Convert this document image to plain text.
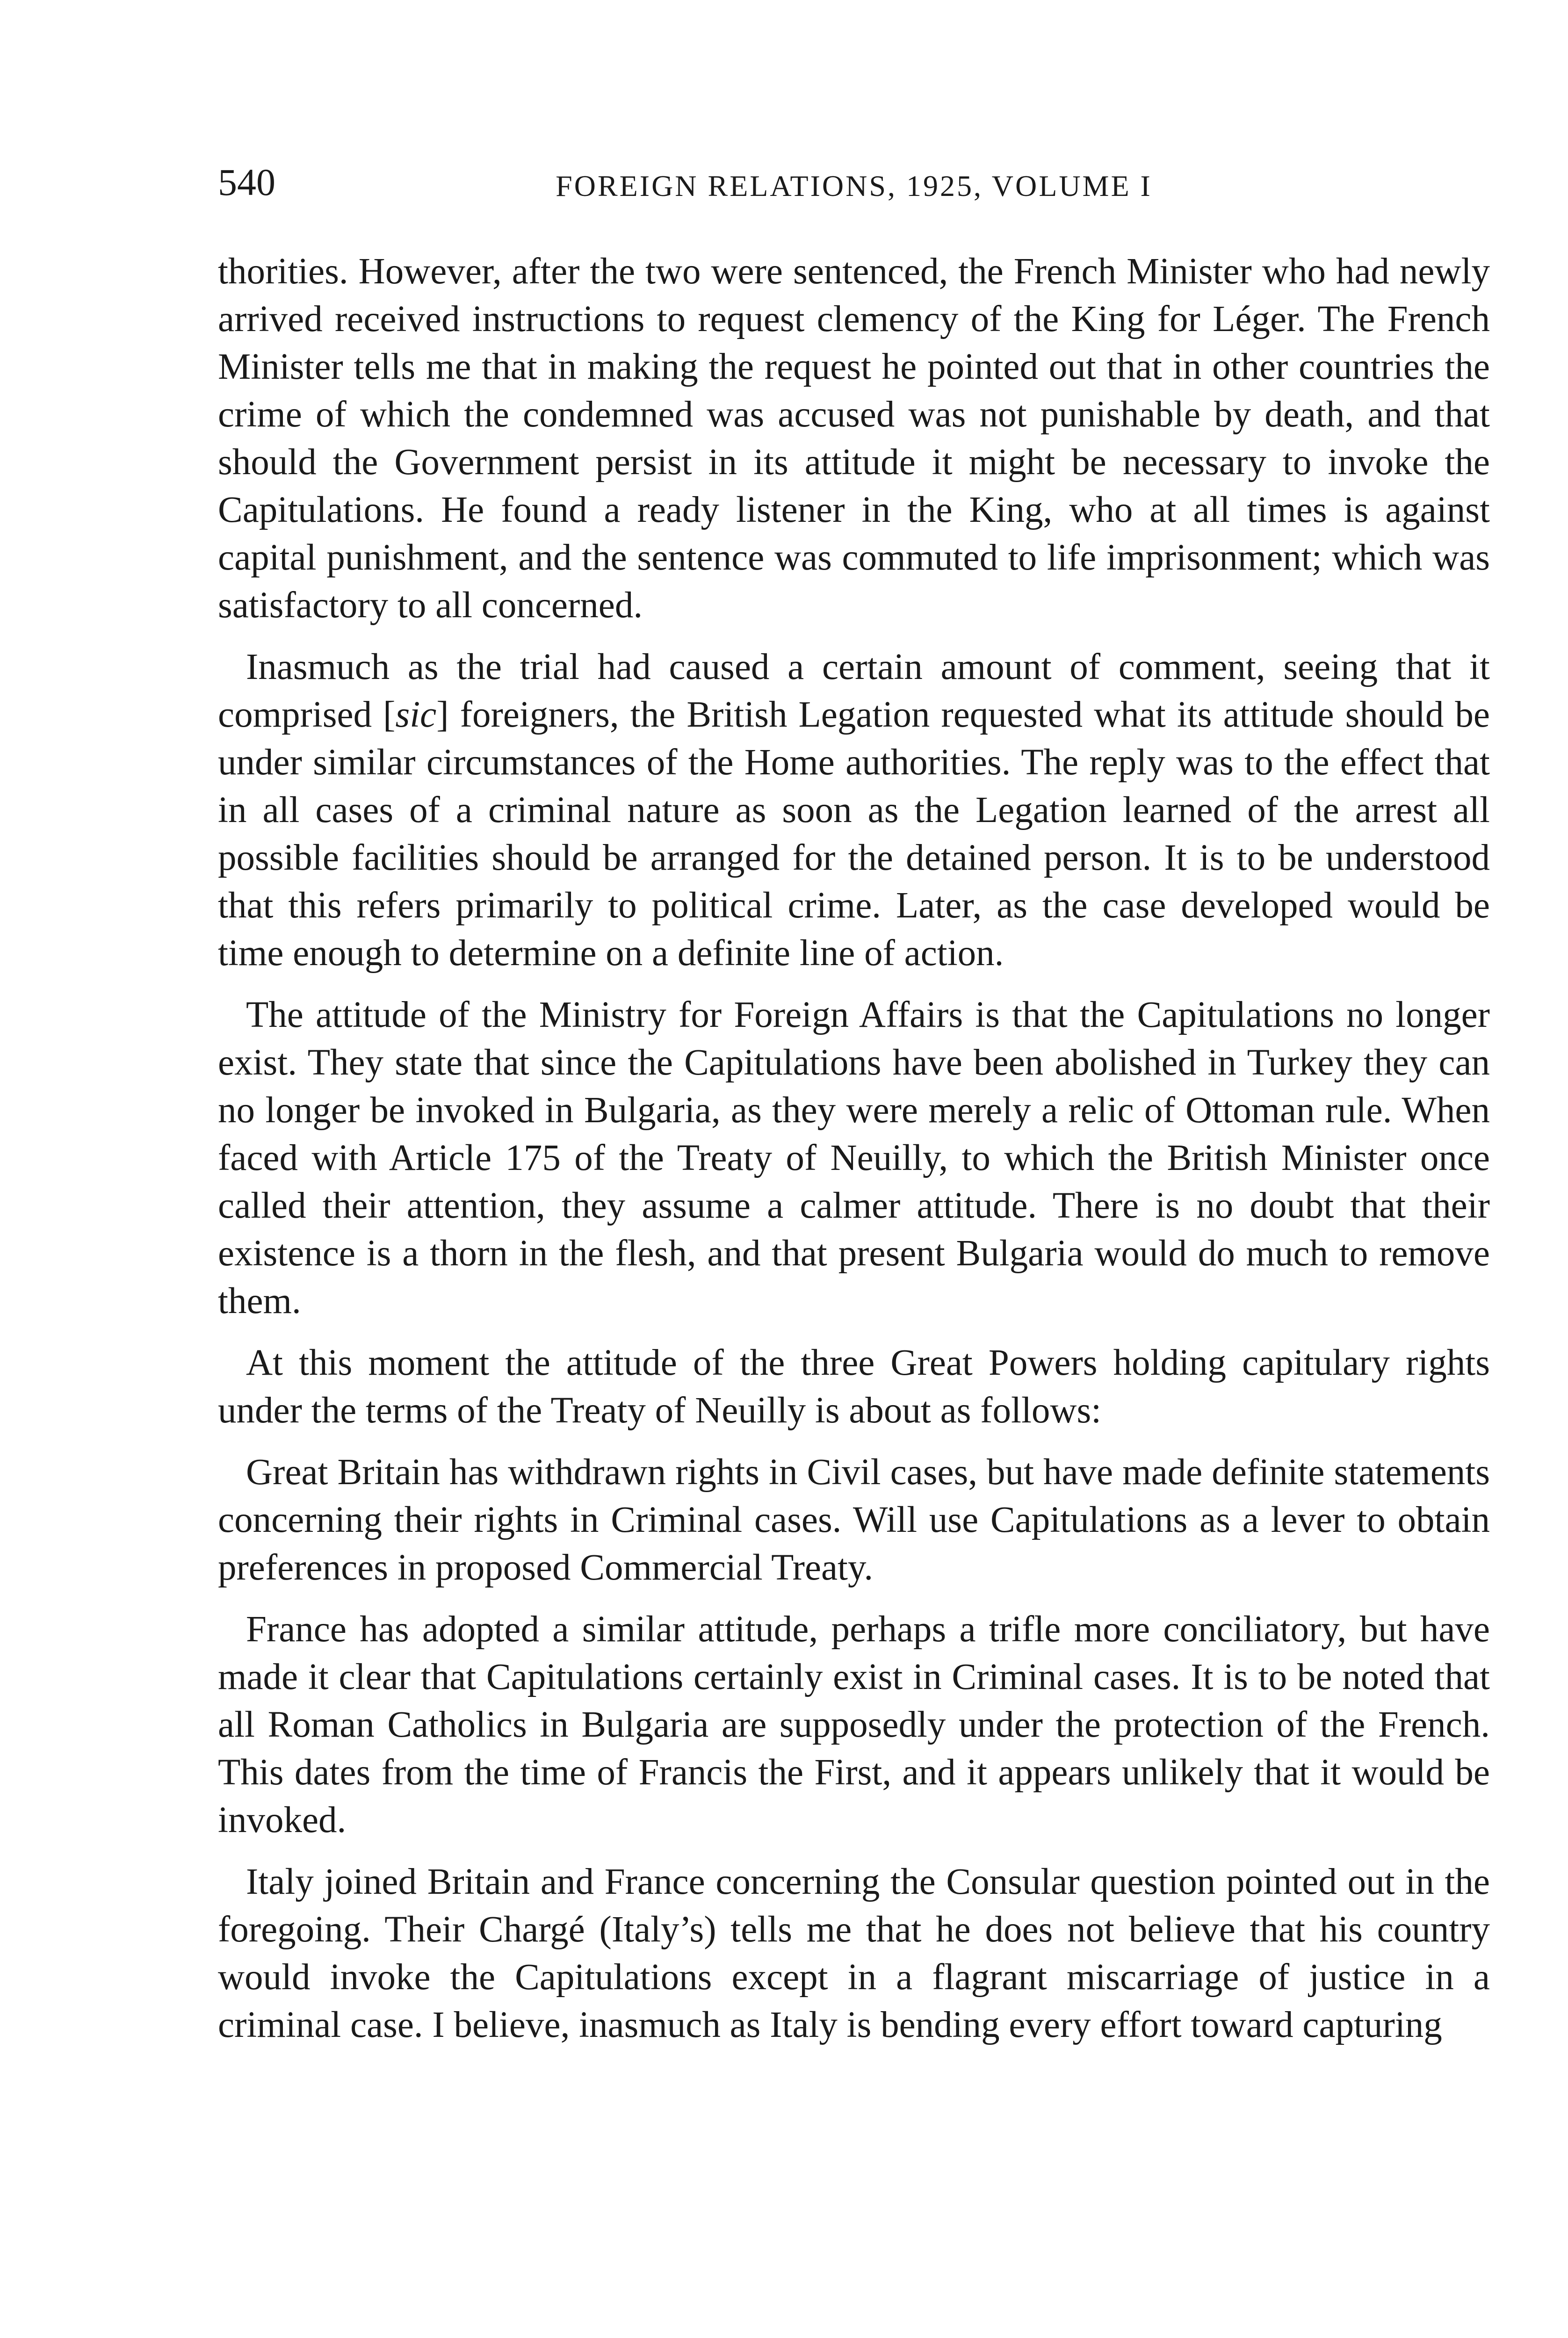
540	FOREIGN RELATIONS, 1925, VOLUME I

thorities. However, after the two were sentenced, the French Minister who had newly arrived received instructions to request clemency of the King for Léger. The French Minister tells me that in making the request he pointed out that in other countries the crime of which the condemned was accused was not punishable by death, and that should the Government persist in its attitude it might be necessary to invoke the Capitulations. He found a ready listener in the King, who at all times is against capital punishment, and the sentence was commuted to life imprisonment; which was satisfactory to all concerned.

Inasmuch as the trial had caused a certain amount of comment, seeing that it comprised [sic] foreigners, the British Legation requested what its attitude should be under similar circumstances of the Home authorities. The reply was to the effect that in all cases of a criminal nature as soon as the Legation learned of the arrest all possible facilities should be arranged for the detained person. It is to be understood that this refers primarily to political crime. Later, as the case developed would be time enough to determine on a definite line of action.

The attitude of the Ministry for Foreign Affairs is that the Capitulations no longer exist. They state that since the Capitulations have been abolished in Turkey they can no longer be invoked in Bulgaria, as they were merely a relic of Ottoman rule. When faced with Article 175 of the Treaty of Neuilly, to which the British Minister once called their attention, they assume a calmer attitude. There is no doubt that their existence is a thorn in the flesh, and that present Bulgaria would do much to remove them.

At this moment the attitude of the three Great Powers holding capitulary rights under the terms of the Treaty of Neuilly is about as follows:

Great Britain has withdrawn rights in Civil cases, but have made definite statements concerning their rights in Criminal cases. Will use Capitulations as a lever to obtain preferences in proposed Commercial Treaty.

France has adopted a similar attitude, perhaps a trifle more conciliatory, but have made it clear that Capitulations certainly exist in Criminal cases. It is to be noted that all Roman Catholics in Bulgaria are supposedly under the protection of the French. This dates from the time of Francis the First, and it appears unlikely that it would be invoked.

Italy joined Britain and France concerning the Consular question pointed out in the foregoing. Their Chargé (Italy’s) tells me that he does not believe that his country would invoke the Capitulations except in a flagrant miscarriage of justice in a criminal case. I believe, inasmuch as Italy is bending every effort toward capturing
